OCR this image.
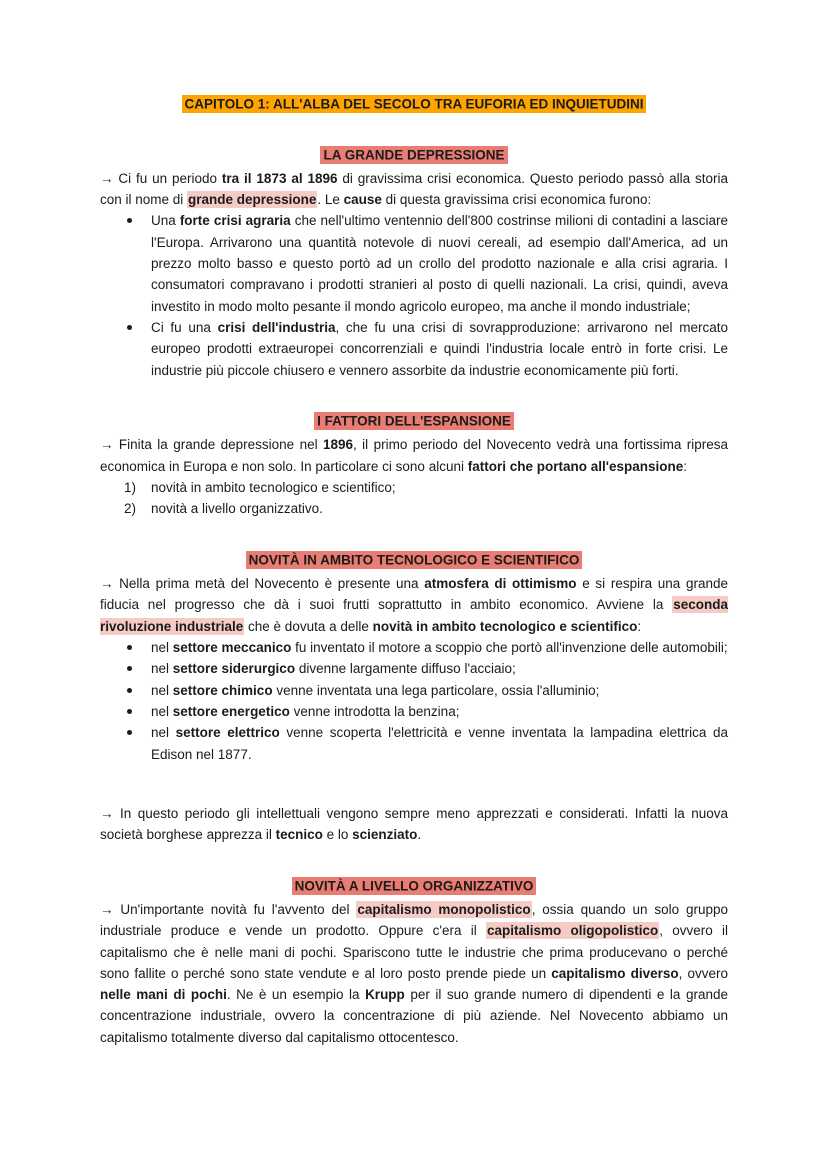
CAPITOLO 1: ALL'ALBA DEL SECOLO TRA EUFORIA ED INQUIETUDINI
LA GRANDE DEPRESSIONE
→ Ci fu un periodo tra il 1873 al 1896 di gravissima crisi economica. Questo periodo passò alla storia con il nome di grande depressione. Le cause di questa gravissima crisi economica furono:
Una forte crisi agraria che nell'ultimo ventennio dell'800 costrinse milioni di contadini a lasciare l'Europa. Arrivarono una quantità notevole di nuovi cereali, ad esempio dall'America, ad un prezzo molto basso e questo portò ad un crollo del prodotto nazionale e alla crisi agraria. I consumatori compravano i prodotti stranieri al posto di quelli nazionali. La crisi, quindi, aveva investito in modo molto pesante il mondo agricolo europeo, ma anche il mondo industriale;
Ci fu una crisi dell'industria, che fu una crisi di sovrapproduzione: arrivarono nel mercato europeo prodotti extraeuropei concorrenziali e quindi l'industria locale entrò in forte crisi. Le industrie più piccole chiusero e vennero assorbite da industrie economicamente più forti.
I FATTORI DELL'ESPANSIONE
→ Finita la grande depressione nel 1896, il primo periodo del Novecento vedrà una fortissima ripresa economica in Europa e non solo. In particolare ci sono alcuni fattori che portano all'espansione:
novità in ambito tecnologico e scientifico;
novità a livello organizzativo.
NOVITÀ IN AMBITO TECNOLOGICO E SCIENTIFICO
→ Nella prima metà del Novecento è presente una atmosfera di ottimismo e si respira una grande fiducia nel progresso che dà i suoi frutti soprattutto in ambito economico. Avviene la seconda rivoluzione industriale che è dovuta a delle novità in ambito tecnologico e scientifico:
nel settore meccanico fu inventato il motore a scoppio che portò all'invenzione delle automobili;
nel settore siderurgico divenne largamente diffuso l'acciaio;
nel settore chimico venne inventata una lega particolare, ossia l'alluminio;
nel settore energetico venne introdotta la benzina;
nel settore elettrico venne scoperta l'elettricità e venne inventata la lampadina elettrica da Edison nel 1877.
→ In questo periodo gli intellettuali vengono sempre meno apprezzati e considerati. Infatti la nuova società borghese apprezza il tecnico e lo scienziato.
NOVITÀ A LIVELLO ORGANIZZATIVO
→ Un'importante novità fu l'avvento del capitalismo monopolistico, ossia quando un solo gruppo industriale produce e vende un prodotto. Oppure c'era il capitalismo oligopolistico, ovvero il capitalismo che è nelle mani di pochi. Spariscono tutte le industrie che prima producevano o perché sono fallite o perché sono state vendute e al loro posto prende piede un capitalismo diverso, ovvero nelle mani di pochi. Ne è un esempio la Krupp per il suo grande numero di dipendenti e la grande concentrazione industriale, ovvero la concentrazione di più aziende. Nel Novecento abbiamo un capitalismo totalmente diverso dal capitalismo ottocentesco.
